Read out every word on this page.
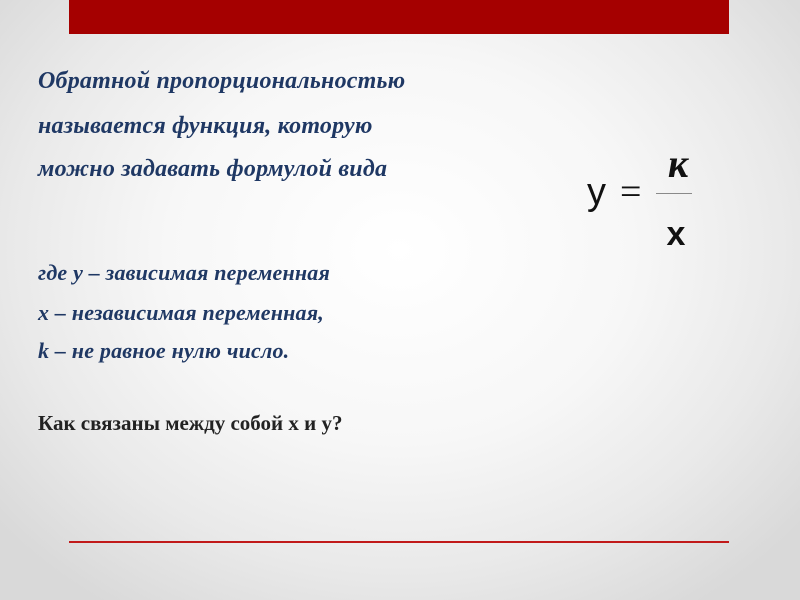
Обратной пропорциональностью

называется функция, которую

можно задавать формулой вида

y =
к
x

где y – зависимая переменная

x – независимая переменная,

k – не равное нулю число.

Как связаны между собой x и y?
